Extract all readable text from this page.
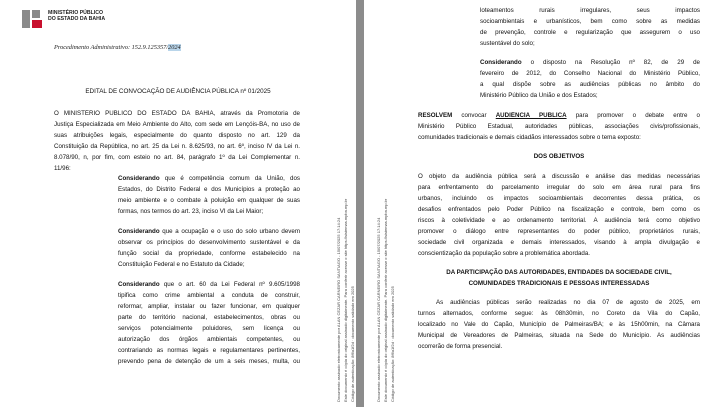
MINISTÉRIO PÚBLICO
DO ESTADO DA BAHIA
Procedimento Administrativo: 152.9.125357/2024
EDITAL DE CONVOCAÇÃO DE AUDIÊNCIA PÚBLICA nº 01/2025
O MINISTÉRIO PÚBLICO DO ESTADO DA BAHIA, através da Promotoria de
Justiça Especializada em Meio Ambiente do Alto, com sede em Lençóis-BA, no uso de
suas atribuições legais, especialmente do quanto disposto no art. 129 da
Constituição da República, no art. 25 da Lei n. 8.625/93, no art. 6º, inciso IV da Lei n.
8.078/90, n, por fim, com esteio no art. 84, parágrafo 1º da Lei Complementar n.
11/96:
Considerando que é competência comum da União, dos
Estados, do Distrito Federal e dos Municípios a proteção ao
meio ambiente e o combate à poluição em qualquer de suas
formas, nos termos do art. 23, inciso VI da Lei Maior;
Considerando que a ocupação e o uso do solo urbano devem
observar os princípios do desenvolvimento sustentável e da
função social da propriedade, conforme estabelecido na
Constituição Federal e no Estatuto da Cidade;
Considerando que o art. 60 da Lei Federal nº 9.605/1998
tipifica como crime ambiental a conduta de construir,
reformar, ampliar, instalar ou fazer funcionar, em qualquer
parte do território nacional, estabelecimentos, obras ou
serviços potencialmente poluidores, sem licença ou
autorização dos órgãos ambientais competentes, ou
contrariando as normas legais e regulamentares pertinentes,
prevendo pena de detenção de um a seis meses, multa, ou
loteamentos rurais irregulares, seus impactos
socioambientais e urbanísticos, bem como sobre as medidas
de prevenção, controle e regularização que assegurem o uso
sustentável do solo;
Considerando o disposto na Resolução nº 82, de 29 de
fevereiro de 2012, do Conselho Nacional do Ministério Público,
a qual dispõe sobre as audiências públicas no âmbito do
Ministério Público da União e dos Estados;
RESOLVEM convocar AUDIÊNCIA PÚBLICA para promover o debate entre o
Ministério Público Estadual, autoridades públicas, associações civis/profissionais,
comunidades tradicionais e demais cidadãos interessados sobre o tema exposto:
DOS OBJETIVOS
O objeto da audiência pública será a discussão e análise das medidas necessárias
para enfrentamento do parcelamento irregular do solo em área rural para fins
urbanos, incluindo os impactos socioambientais decorrentes dessa prática, os
desafios enfrentados pelo Poder Público na fiscalização e controle, bem como os
riscos à coletividade e ao ordenamento territorial. A audiência terá como objetivo
promover o diálogo entre representantes do poder público, proprietários rurais,
sociedade civil organizada e demais interessados, visando à ampla divulgação e
conscientização da população sobre a problemática abordada.
DA PARTICIPAÇÃO DAS AUTORIDADES, ENTIDADES DA SOCIEDADE CIVIL,
COMUNIDADES TRADICIONAIS E PESSOAS INTERESSADAS
As audiências públicas serão realizadas no dia 07 de agosto de 2025, em
turnos alternados, conforme segue: às 08h30min, no Coreto da Vila do Capão,
localizado no Vale do Capão, Município de Palmeiras/BA; e às 15h00min, na Câmara
Municipal de Vereadores de Palmeiras, situada na Sede do Município. As audiências
ocorrerão de forma presencial.
Documento assinado eletronicamente por ALAN CEZAR CARNEIRO SANTIAGO - 15/07/2025 17:14:24 Este documento é cópia do original assinado digitalmente. Para conferir acesse o site https://sistemas.mpba.mp.br Código de autenticação: 8f6a1f2d · documento validado em 2025	Documento assinado eletronicamente por ALAN CEZAR CARNEIRO SANTIAGO - 15/07/2025 17:14:24 Este documento é cópia do original assinado digitalmente. Para conferir acesse o site https://sistemas.mpba.mp.br Código de autenticação: 8f6a1f2d · documento validado em 2025
